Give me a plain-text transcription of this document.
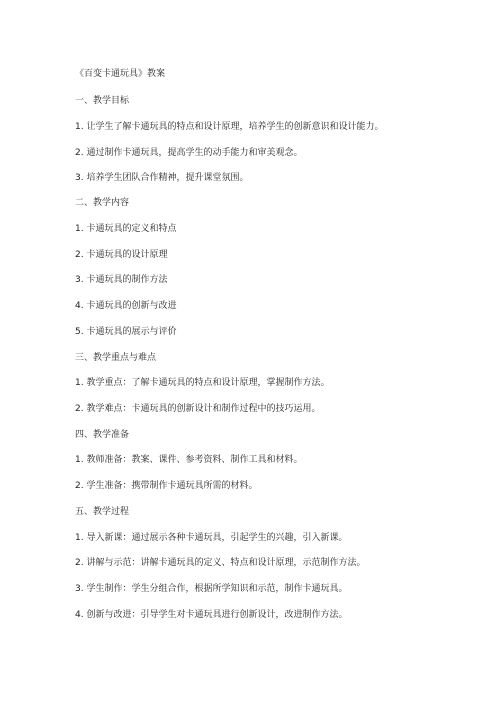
《百变卡通玩具》教案
一、教学目标
1. 让学生了解卡通玩具的特点和设计原理，培养学生的创新意识和设计能力。
2. 通过制作卡通玩具，提高学生的动手能力和审美观念。
3. 培养学生团队合作精神，提升课堂氛围。
二、教学内容
1. 卡通玩具的定义和特点
2. 卡通玩具的设计原理
3. 卡通玩具的制作方法
4. 卡通玩具的创新与改进
5. 卡通玩具的展示与评价
三、教学重点与难点
1. 教学重点：了解卡通玩具的特点和设计原理，掌握制作方法。
2. 教学难点：卡通玩具的创新设计和制作过程中的技巧运用。
四、教学准备
1. 教师准备：教案、课件、参考资料、制作工具和材料。
2. 学生准备：携带制作卡通玩具所需的材料。
五、教学过程
1. 导入新课：通过展示各种卡通玩具，引起学生的兴趣，引入新课。
2. 讲解与示范：讲解卡通玩具的定义、特点和设计原理，示范制作方法。
3. 学生制作：学生分组合作，根据所学知识和示范，制作卡通玩具。
4. 创新与改进：引导学生对卡通玩具进行创新设计，改进制作方法。
